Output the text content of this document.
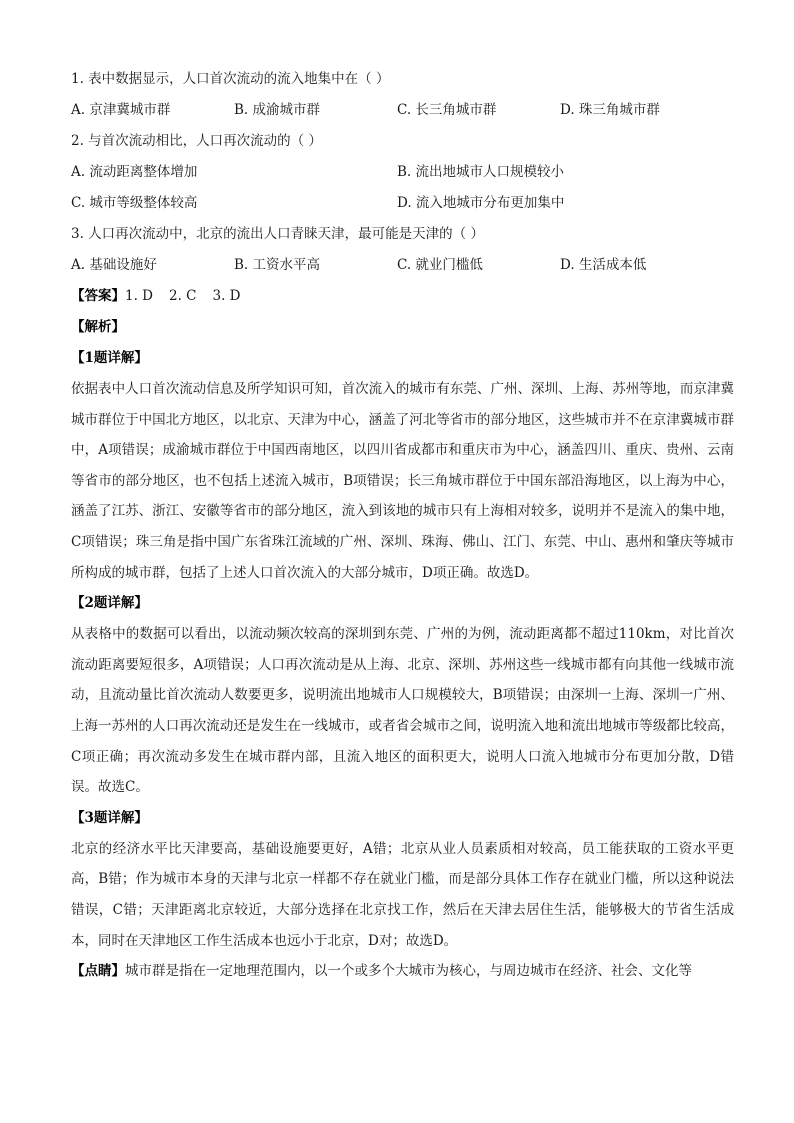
1. 表中数据显示，人口首次流动的流入地集中在（ ）

A. 京津冀城市群	B. 成渝城市群	C. 长三角城市群	D. 珠三角城市群

2. 与首次流动相比，人口再次流动的（ ）

A. 流动距离整体增加	B. 流出地城市人口规模较小
C. 城市等级整体较高	D. 流入地城市分布更加集中

3. 人口再次流动中，北京的流出人口青睐天津，最可能是天津的（ ）

A. 基础设施好	B. 工资水平高	C. 就业门槛低	D. 生活成本低

【答案】1. D 2. C 3. D

【解析】

【1题详解】

依据表中人口首次流动信息及所学知识可知，首次流入的城市有东莞、广州、深圳、上海、苏州等地，而京津冀城市群位于中国北方地区，以北京、天津为中心，涵盖了河北等省市的部分地区，这些城市并不在京津冀城市群中，A项错误；成渝城市群位于中国西南地区，以四川省成都市和重庆市为中心，涵盖四川、重庆、贵州、云南等省市的部分地区，也不包括上述流入城市，B项错误；长三角城市群位于中国东部沿海地区，以上海为中心，涵盖了江苏、浙江、安徽等省市的部分地区，流入到该地的城市只有上海相对较多，说明并不是流入的集中地，C项错误；珠三角是指中国广东省珠江流域的广州、深圳、珠海、佛山、江门、东莞、中山、惠州和肇庆等城市所构成的城市群，包括了上述人口首次流入的大部分城市，D项正确。故选D。

【2题详解】

从表格中的数据可以看出，以流动频次较高的深圳到东莞、广州的为例，流动距离都不超过110km，对比首次流动距离要短很多，A项错误；人口再次流动是从上海、北京、深圳、苏州这些一线城市都有向其他一线城市流动，且流动量比首次流动人数要更多，说明流出地城市人口规模较大，B项错误；由深圳一上海、深圳一广州、上海一苏州的人口再次流动还是发生在一线城市，或者省会城市之间，说明流入地和流出地城市等级都比较高，C项正确；再次流动多发生在城市群内部，且流入地区的面积更大，说明人口流入地城市分布更加分散，D错误。故选C。

【3题详解】

北京的经济水平比天津要高，基础设施要更好，A错；北京从业人员素质相对较高，员工能获取的工资水平更高，B错；作为城市本身的天津与北京一样都不存在就业门槛，而是部分具体工作存在就业门槛，所以这种说法错误，C错；天津距离北京较近，大部分选择在北京找工作，然后在天津去居住生活，能够极大的节省生活成本，同时在天津地区工作生活成本也远小于北京，D对；故选D。

【点睛】城市群是指在一定地理范围内，以一个或多个大城市为核心，与周边城市在经济、社会、文化等
